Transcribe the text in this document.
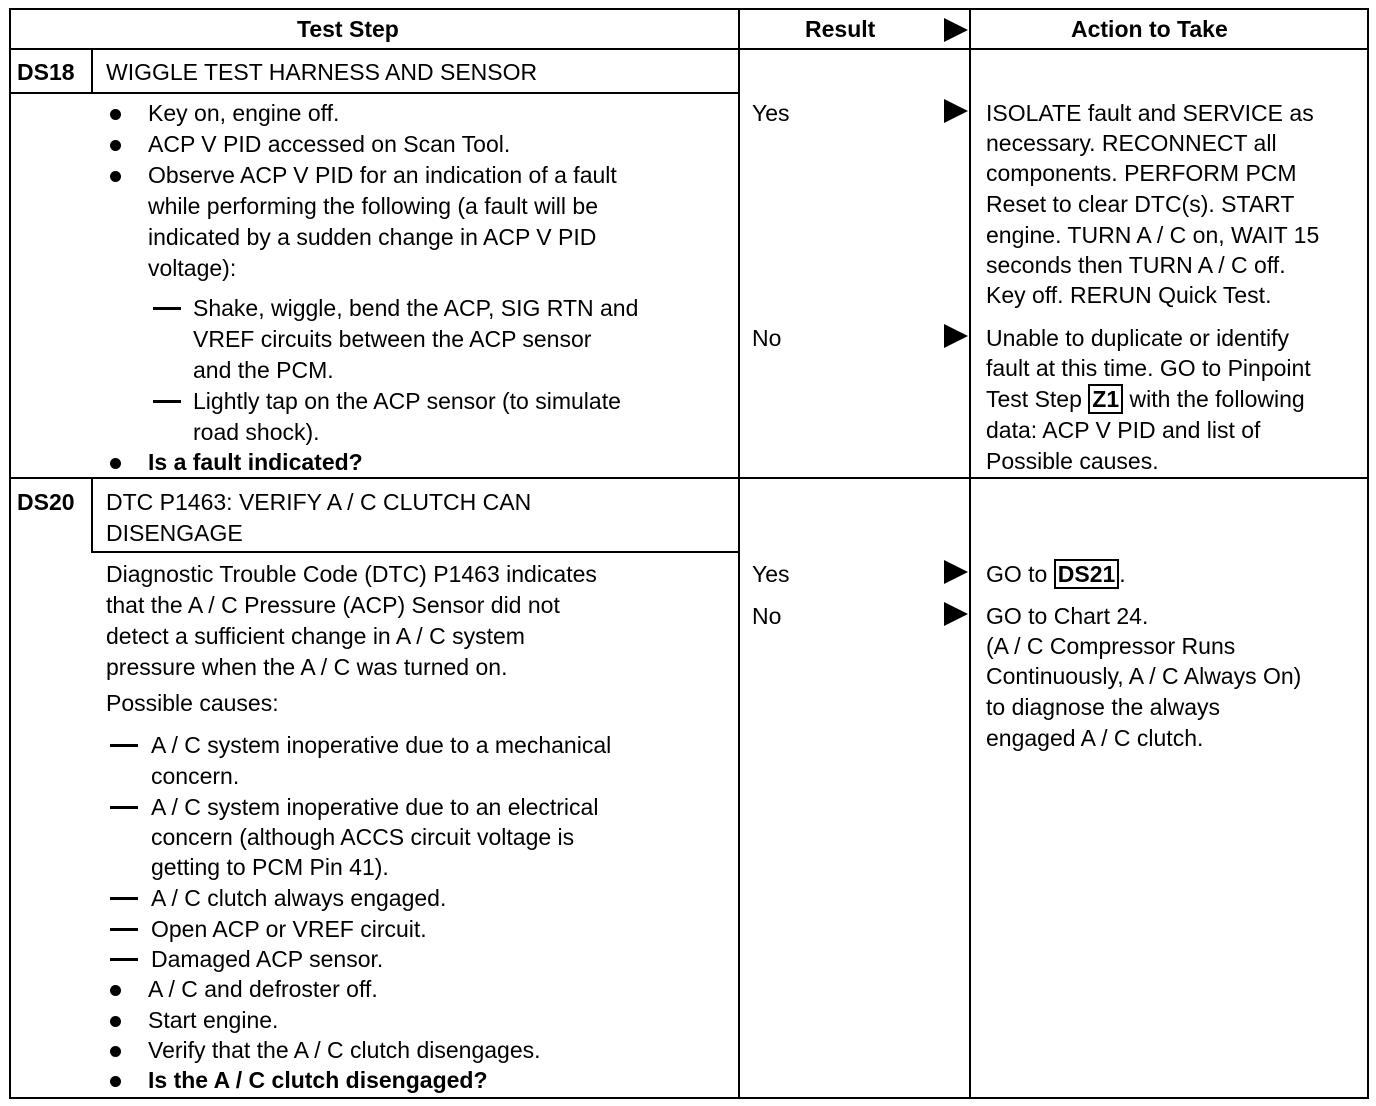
Test Step	Result	Action to Take
DS18 WIGGLE TEST HARNESS AND SENSOR
Key on, engine off.
ACP V PID accessed on Scan Tool.
Observe ACP V PID for an indication of a fault
while performing the following (a fault will be
indicated by a sudden change in ACP V PID
voltage):
Shake, wiggle, bend the ACP, SIG RTN and
VREF circuits between the ACP sensor
and the PCM.
Lightly tap on the ACP sensor (to simulate
road shock).
Is a fault indicated?
Yes
No
ISOLATE fault and SERVICE as
necessary. RECONNECT all
components. PERFORM PCM
Reset to clear DTC(s). START
engine. TURN A / C on, WAIT 15
seconds then TURN A / C off.
Key off. RERUN Quick Test.
Unable to duplicate or identify
fault at this time. GO to Pinpoint
Test Step Z1 with the following
data: ACP V PID and list of
Possible causes.
DS20 DTC P1463: VERIFY A / C CLUTCH CAN
DISENGAGE
Diagnostic Trouble Code (DTC) P1463 indicates
that the A / C Pressure (ACP) Sensor did not
detect a sufficient change in A / C system
pressure when the A / C was turned on.
Possible causes:
A / C system inoperative due to a mechanical
concern.
A / C system inoperative due to an electrical
concern (although ACCS circuit voltage is
getting to PCM Pin 41).
A / C clutch always engaged.
Open ACP or VREF circuit.
Damaged ACP sensor.
A / C and defroster off.
Start engine.
Verify that the A / C clutch disengages.
Is the A / C clutch disengaged?
Yes
No
GO to DS21 .
GO to Chart 24.
(A / C Compressor Runs
Continuously, A / C Always On)
to diagnose the always
engaged A / C clutch.
